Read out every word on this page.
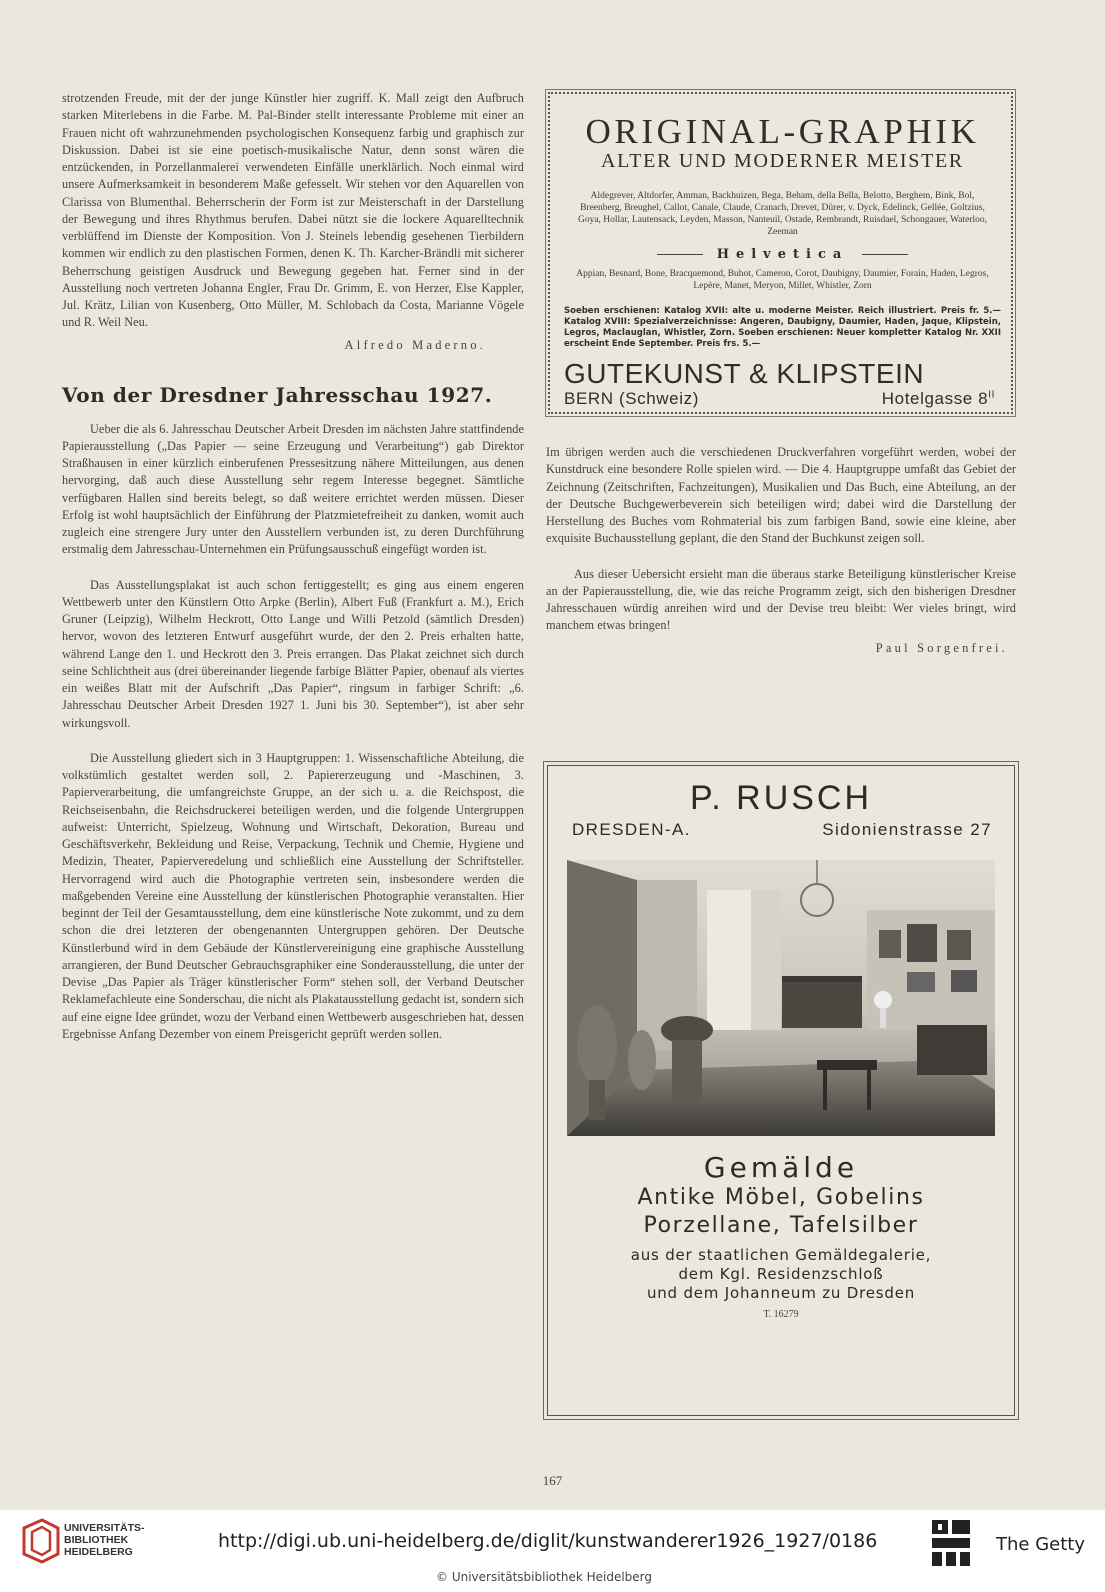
strotzenden Freude, mit der der junge Künstler hier zugriff. K. Mall zeigt den Aufbruch starken Miterlebens in die Farbe. M. Pal-Binder stellt interessante Probleme mit einer an Frauen nicht oft wahrzunehmenden psychologischen Konsequenz farbig und graphisch zur Diskussion. Dabei ist sie eine poetisch-musikalische Natur, denn sonst wären die entzückenden, in Porzellanmalerei verwendeten Einfälle unerklärlich. Noch einmal wird unsere Aufmerksamkeit in besonderem Maße gefesselt. Wir stehen vor den Aquarellen von Clarissa von Blumenthal. Beherrscherin der Form ist zur Meisterschaft in der Darstellung der Bewegung und ihres Rhythmus berufen. Dabei nützt sie die lockere Aquarelltechnik verblüffend im Dienste der Komposition. Von J. Steinels lebendig gesehenen Tierbildern kommen wir endlich zu den plastischen Formen, denen K. Th. Karcher-Brändli mit sicherer Beherrschung geistigen Ausdruck und Bewegung gegeben hat. Ferner sind in der Ausstellung noch vertreten Johanna Engler, Frau Dr. Grimm, E. von Herzer, Else Kappler, Jul. Krätz, Lilian von Kusenberg, Otto Müller, M. Schlobach da Costa, Marianne Vögele und R. Weil Neu.

Alfredo Maderno.
Von der Dresdner Jahresschau 1927.

Ueber die als 6. Jahresschau Deutscher Arbeit Dresden im nächsten Jahre stattfindende Papierausstellung („Das Papier — seine Erzeugung und Verarbeitung“) gab Direktor Straßhausen in einer kürzlich einberufenen Pressesitzung nähere Mitteilungen, aus denen hervorging, daß auch diese Ausstellung sehr regem Interesse begegnet. Sämtliche verfügbaren Hallen sind bereits belegt, so daß weitere errichtet werden müssen. Dieser Erfolg ist wohl hauptsächlich der Einführung der Platzmietefreiheit zu danken, womit auch zugleich eine strengere Jury unter den Ausstellern verbunden ist, zu deren Durchführung erstmalig dem Jahresschau-Unternehmen ein Prüfungsausschuß eingefügt worden ist.

Das Ausstellungsplakat ist auch schon fertiggestellt; es ging aus einem engeren Wettbewerb unter den Künstlern Otto Arpke (Berlin), Albert Fuß (Frankfurt a. M.), Erich Gruner (Leipzig), Wilhelm Heckrott, Otto Lange und Willi Petzold (sämtlich Dresden) hervor, wovon des letzteren Entwurf ausgeführt wurde, der den 2. Preis erhalten hatte, während Lange den 1. und Heckrott den 3. Preis errangen. Das Plakat zeichnet sich durch seine Schlichtheit aus (drei übereinander liegende farbige Blätter Papier, obenauf als viertes ein weißes Blatt mit der Aufschrift „Das Papier“, ringsum in farbiger Schrift: „6. Jahresschau Deutscher Arbeit Dresden 1927 1. Juni bis 30. September“), ist aber sehr wirkungsvoll.

Die Ausstellung gliedert sich in 3 Hauptgruppen: 1. Wissenschaftliche Abteilung, die volkstümlich gestaltet werden soll, 2. Papiererzeugung und -Maschinen, 3. Papierverarbeitung, die umfangreichste Gruppe, an der sich u. a. die Reichspost, die Reichseisenbahn, die Reichsdruckerei beteiligen werden, und die folgende Untergruppen aufweist: Unterricht, Spielzeug, Wohnung und Wirtschaft, Dekoration, Bureau und Geschäftsverkehr, Bekleidung und Reise, Verpackung, Technik und Chemie, Hygiene und Medizin, Theater, Papierveredelung und schließlich eine Ausstellung der Schriftsteller. Hervorragend wird auch die Photographie vertreten sein, insbesondere werden die maßgebenden Vereine eine Ausstellung der künstlerischen Photographie veranstalten. Hier beginnt der Teil der Gesamtausstellung, dem eine künstlerische Note zukommt, und zu dem schon die drei letzteren der obengenannten Untergruppen gehören. Der Deutsche Künstlerbund wird in dem Gebäude der Künstlervereinigung eine graphische Ausstellung arrangieren, der Bund Deutscher Gebrauchsgraphiker eine Sonderausstellung, die unter der Devise „Das Papier als Träger künstlerischer Form“ stehen soll, der Verband Deutscher Reklamefachleute eine Sonderschau, die nicht als Plakatausstellung gedacht ist, sondern sich auf eine eigne Idee gründet, wozu der Verband einen Wettbewerb ausgeschrieben hat, dessen Ergebnisse Anfang Dezember von einem Preisgericht geprüft werden sollen.

ORIGINAL-GRAPHIK
ALTER UND MODERNER MEISTER
Aldegrever, Altdorfer, Amman, Backhuizen, Bega, Beham, della Bella, Belotto, Berghem, Bink, Bol, Breenberg, Breughel, Callot, Canale, Claude, Cranach, Drevet, Dürer, v. Dyck, Edelinck, Gellée, Goltzius, Goya, Hollar, Lautensack, Leyden, Masson, Nanteuil, Ostade, Rembrandt, Ruisdael, Schongauer, Waterloo, Zeeman
Helvetica
Appian, Besnard, Bone, Bracquemond, Buhot, Cameron, Corot, Daubigny, Daumier, Forain, Haden, Legros, Lepère, Manet, Meryon, Millet, Whistler, Zorn
Soeben erschienen: Katalog XVII: alte u. moderne Meister. Reich illustriert. Preis fr. 5.— Katalog XVIII: Spezialverzeichnisse: Angeren, Daubigny, Daumier, Haden, Jaque, Klipstein, Legros, Maclauglan, Whistler, Zorn. Soeben erschienen: Neuer kompletter Katalog Nr. XXII erscheint Ende September. Preis frs. 5.—
GUTEKUNST & KLIPSTEIN
BERN (Schweiz)	Hotelgasse $8^{II}$

Im übrigen werden auch die verschiedenen Druckverfahren vorgeführt werden, wobei der Kunstdruck eine besondere Rolle spielen wird. — Die 4. Hauptgruppe umfaßt das Gebiet der Zeichnung (Zeitschriften, Fachzeitungen), Musikalien und Das Buch, eine Abteilung, an der der Deutsche Buchgewerbeverein sich beteiligen wird; dabei wird die Darstellung der Herstellung des Buches vom Rohmaterial bis zum farbigen Band, sowie eine kleine, aber exquisite Buchausstellung geplant, die den Stand der Buchkunst zeigen soll.

Aus dieser Uebersicht ersieht man die überaus starke Beteiligung künstlerischer Kreise an der Papierausstellung, die, wie das reiche Programm zeigt, sich den bisherigen Dresdner Jahresschauen würdig anreihen wird und der Devise treu bleibt: Wer vieles bringt, wird manchem etwas bringen!

Paul Sorgenfrei.
P. RUSCH
DRESDEN-A.	Sidonienstrasse 27
Gemälde
Antike Möbel, Gobelins
Porzellane, Tafelsilber
aus der staatlichen Gemäldegalerie,
dem Kgl. Residenzschloß
und dem Johanneum zu Dresden
T. 16279
167
UNIVERSITÄTS-
BIBLIOTHEK
HEIDELBERG	http://digi.ub.uni-heidelberg.de/diglit/kunstwanderer1926_1927/0186
© Universitätsbibliothek Heidelberg
The Getty
